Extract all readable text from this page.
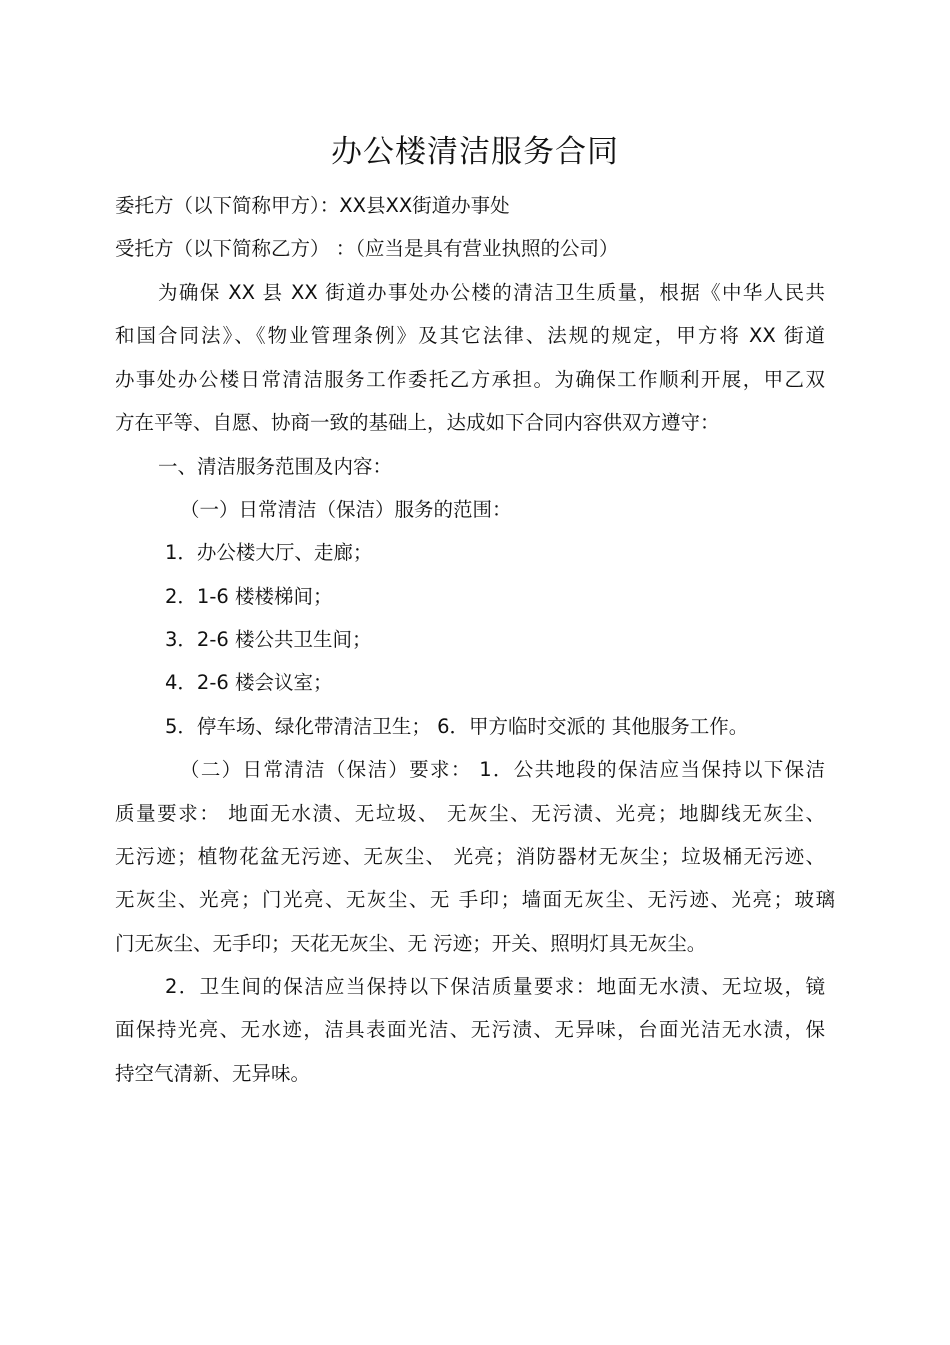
办公楼清洁服务合同
委托方（以下简称甲方）：XX县XX街道办事处
受托方（以下简称乙方） ：（应当是具有营业执照的公司）
为确保 XX 县 XX 街道办事处办公楼的清洁卫生质量，根据《中华人民共
和国合同法》、《物业管理条例》及其它法律、法规的规定，甲方将 XX 街道
办事处办公楼日常清洁服务工作委托乙方承担。为确保工作顺利开展，甲乙双
方在平等、自愿、协商一致的基础上，达成如下合同内容供双方遵守：
一、清洁服务范围及内容：
（一）日常清洁（保洁）服务的范围：
1．办公楼大厅、走廊；
2．1-6 楼楼梯间；
3．2-6 楼公共卫生间；
4．2-6 楼会议室；
5．停车场、绿化带清洁卫生； 6．甲方临时交派的 其他服务工作。
（二）日常清洁（保洁）要求： 1．公共地段的保洁应当保持以下保洁
质量要求： 地面无水渍、无垃圾、 无灰尘、无污渍、光亮；地脚线无灰尘、
无污迹；植物花盆无污迹、无灰尘、 光亮；消防器材无灰尘；垃圾桶无污迹、
无灰尘、光亮；门光亮、无灰尘、无 手印；墙面无灰尘、无污迹、光亮；玻璃
门无灰尘、无手印；天花无灰尘、无 污迹；开关、照明灯具无灰尘。
2．卫生间的保洁应当保持以下保洁质量要求：地面无水渍、无垃圾，镜
面保持光亮、无水迹，洁具表面光洁、无污渍、无异味，台面光洁无水渍，保
持空气清新、无异味。
